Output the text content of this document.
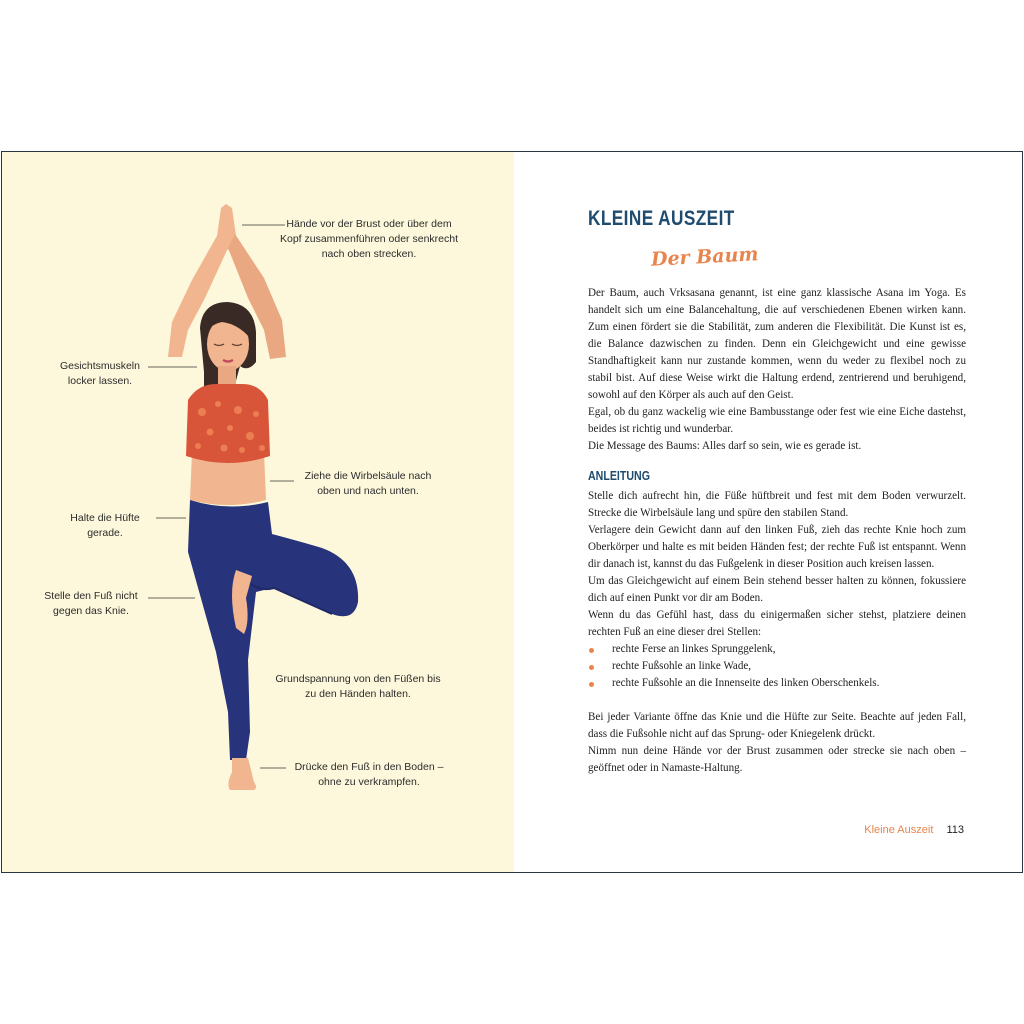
Hände vor der Brust oder über dem Kopf zusammenführen oder senkrecht nach oben strecken.
Gesichtsmuskeln locker lassen.
Ziehe die Wirbelsäule nach oben und nach unten.
Halte die Hüfte gerade.
Stelle den Fuß nicht gegen das Knie.
Grundspannung von den Füßen bis zu den Händen halten.
Drücke den Fuß in den Boden – ohne zu verkrampfen.
KLEINE AUSZEIT
Der Baum

Der Baum, auch Vrksasana genannt, ist eine ganz klassische Asana im Yoga. Es handelt sich um eine Balancehaltung, die auf verschiedenen Ebenen wirken kann. Zum einen fördert sie die Stabilität, zum anderen die Flexibilität. Die Kunst ist es, die Balance dazwischen zu finden. Denn ein Gleichgewicht und eine gewisse Standhaftigkeit kann nur zustande kommen, wenn du weder zu flexibel noch zu stabil bist. Auf diese Weise wirkt die Haltung erdend, zentrierend und beruhigend, sowohl auf den Körper als auch auf den Geist.

Egal, ob du ganz wackelig wie eine Bambusstange oder fest wie eine Eiche dastehst, beides ist richtig und wunderbar.

Die Message des Baums: Alles darf so sein, wie es gerade ist.

ANLEITUNG

Stelle dich aufrecht hin, die Füße hüftbreit und fest mit dem Boden verwurzelt. Strecke die Wirbelsäule lang und spüre den stabilen Stand.

Verlagere dein Gewicht dann auf den linken Fuß, zieh das rechte Knie hoch zum Oberkörper und halte es mit beiden Händen fest; der rechte Fuß ist entspannt. Wenn dir danach ist, kannst du das Fußgelenk in dieser Position auch kreisen lassen.

Um das Gleichgewicht auf einem Bein stehend besser halten zu können, fokussiere dich auf einen Punkt vor dir am Boden.

Wenn du das Gefühl hast, dass du einigermaßen sicher stehst, platziere deinen rechten Fuß an eine dieser drei Stellen:

rechte Ferse an linkes Sprunggelenk,
rechte Fußsohle an linke Wade,
rechte Fußsohle an die Innenseite des linken Oberschenkels.

Bei jeder Variante öffne das Knie und die Hüfte zur Seite. Beachte auf jeden Fall, dass die Fußsohle nicht auf das Sprung- oder Kniegelenk drückt.

Nimm nun deine Hände vor der Brust zusammen oder strecke sie nach oben – geöffnet oder in Namaste-Haltung.

Kleine Auszeit 113
